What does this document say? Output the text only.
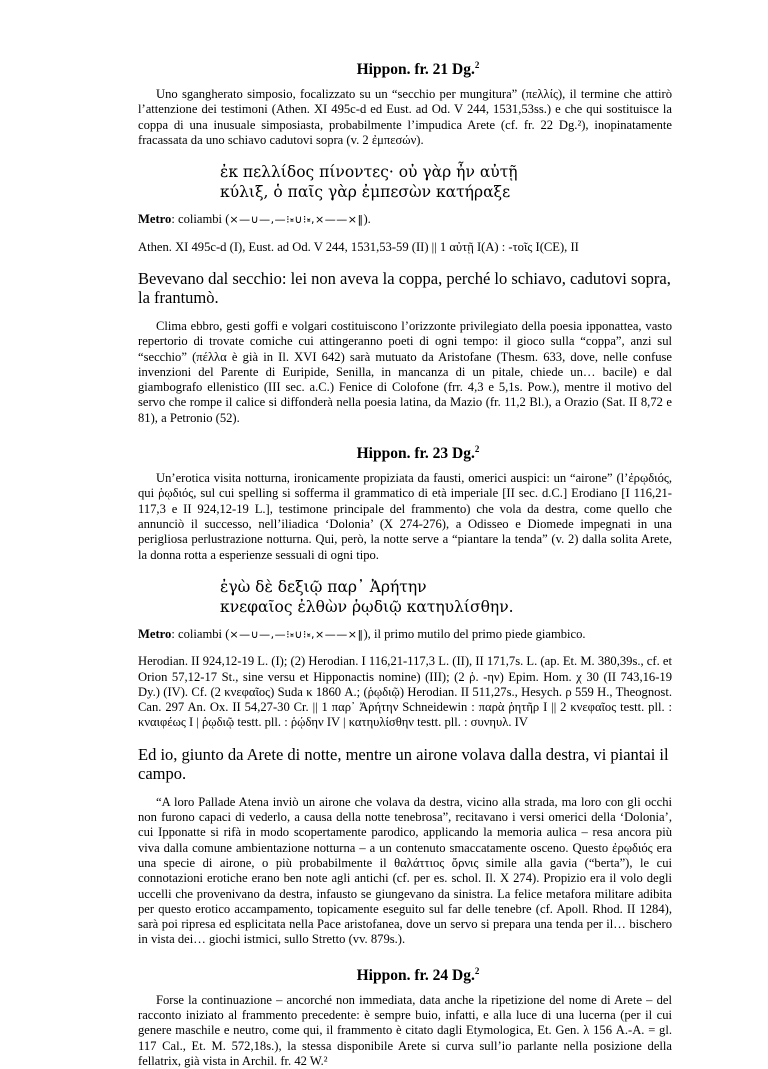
Hippon. fr. 21 Dg.$^2$

Uno sgangherato simposio, focalizzato su un “secchio per mungitura” (πελλίς), il termine che attirò l’attenzione dei testimoni (Athen. XI 495c-d ed Eust. ad Od. V 244, 1531,53ss.) e che qui sostituisce la coppa di una inusuale simposiasta, probabilmente l’impudica Arete (cf. fr. 22 Dg.²), inopinatamente fracassata da uno schiavo cadutovi sopra (v. 2 ἐμπεσών).

ἐκ πελλίδος πίνοντες· οὐ γὰρ ἦν αὐτῇ
κύλιξ, ὁ παῖς γὰρ ἐμπεσὼν κατήραξε

Metro: coliambi (×—∪—,—⁝⏓∪⁝⏓,×——×‖).

Athen. XI 495c-d (I), Eust. ad Od. V 244, 1531,53-59 (II) || 1 αὐτῇ I(A) : -τοῖς I(CE), II

Bevevano dal secchio: lei non aveva la coppa, perché lo schiavo, cadutovi sopra, la frantumò.

Clima ebbro, gesti goffi e volgari costituiscono l’orizzonte privilegiato della poesia ipponattea, vasto repertorio di trovate comiche cui attingeranno poeti di ogni tempo: il gioco sulla “coppa”, anzi sul “secchio” (πέλλα è già in Il. XVI 642) sarà mutuato da Aristofane (Thesm. 633, dove, nelle confuse invenzioni del Parente di Euripide, Senilla, in mancanza di un pitale, chiede un… bacile) e dal giambografo ellenistico (III sec. a.C.) Fenice di Colofone (frr. 4,3 e 5,1s. Pow.), mentre il motivo del servo che rompe il calice si diffonderà nella poesia latina, da Mazio (fr. 11,2 Bl.), a Orazio (Sat. II 8,72 e 81), a Petronio (52).

Hippon. fr. 23 Dg.$^2$

Un’erotica visita notturna, ironicamente propiziata da fausti, omerici auspici: un “airone” (l’ἐρῳδιός, qui ῥῳδιός, sul cui spelling si sofferma il grammatico di età imperiale [II sec. d.C.] Erodiano [I 116,21-117,3 e II 924,12-19 L.], testimone principale del frammento) che vola da destra, come quello che annunciò il successo, nell’iliadica ‘Dolonia’ (X 274-276), a Odisseo e Diomede impegnati in una perigliosa perlustrazione notturna. Qui, però, la notte serve a “piantare la tenda” (v. 2) dalla solita Arete, la donna rotta a esperienze sessuali di ogni tipo.

ἐγὼ δὲ δεξιῷ παρ᾽ Ἀρήτην
κνεφαῖος ἐλθὼν ῥῳδιῷ κατηυλίσθην.

Metro: coliambi (×—∪—,—⁝⏓∪⁝⏓,×——×‖), il primo mutilo del primo piede giambico.

Herodian. II 924,12-19 L. (I); (2) Herodian. I 116,21-117,3 L. (II), II 171,7s. L. (ap. Et. M. 380,39s., cf. et Orion 57,12-17 St., sine versu et Hipponactis nomine) (III); (2 ῥ. -ην) Epim. Hom. χ 30 (II 743,16-19 Dy.) (IV). Cf. (2 κνεφαῖος) Suda κ 1860 A.; (ῥῳδιῷ) Herodian. II 511,27s., Hesych. ρ 559 H., Theognost. Can. 297 An. Ox. II 54,27-30 Cr. || 1 παρ᾽ Ἀρήτην Schneidewin : παρὰ ῥητῆρ I || 2 κνεφαῖος testt. pll. : κναιφέως I | ῥῳδιῷ testt. pll. : ῥῴδην IV | κατηυλίσθην testt. pll. : συνηυλ. IV

Ed io, giunto da Arete di notte, mentre un airone volava dalla destra, vi piantai il campo.

“A loro Pallade Atena inviò un airone che volava da destra, vicino alla strada, ma loro con gli occhi non furono capaci di vederlo, a causa della notte tenebrosa”, recitavano i versi omerici della ‘Dolonia’, cui Ipponatte si rifà in modo scopertamente parodico, applicando la memoria aulica – resa ancora più viva dalla comune ambientazione notturna – a un contenuto smaccatamente osceno. Questo ἐρῳδιός era una specie di airone, o più probabilmente il θαλάττιος ὄρνις simile alla gavia (“berta”), le cui connotazioni erotiche erano ben note agli antichi (cf. per es. schol. Il. X 274). Propizio era il volo degli uccelli che provenivano da destra, infausto se giungevano da sinistra. La felice metafora militare adibita per questo erotico accampamento, topicamente eseguito sul far delle tenebre (cf. Apoll. Rhod. II 1284), sarà poi ripresa ed esplicitata nella Pace aristofanea, dove un servo si prepara una tenda per il… bischero in vista dei… giochi istmici, sullo Stretto (vv. 879s.).

Hippon. fr. 24 Dg.$^2$

Forse la continuazione – ancorché non immediata, data anche la ripetizione del nome di Arete – del racconto iniziato al frammento precedente: è sempre buio, infatti, e alla luce di una lucerna (per il cui genere maschile e neutro, come qui, il frammento è citato dagli Etymologica, Et. Gen. λ 156 A.-A. = gl. 117 Cal., Et. M. 572,18s.), la stessa disponibile Arete si curva sull’io parlante nella posizione della fellatrix, già vista in Archil. fr. 42 W.²
